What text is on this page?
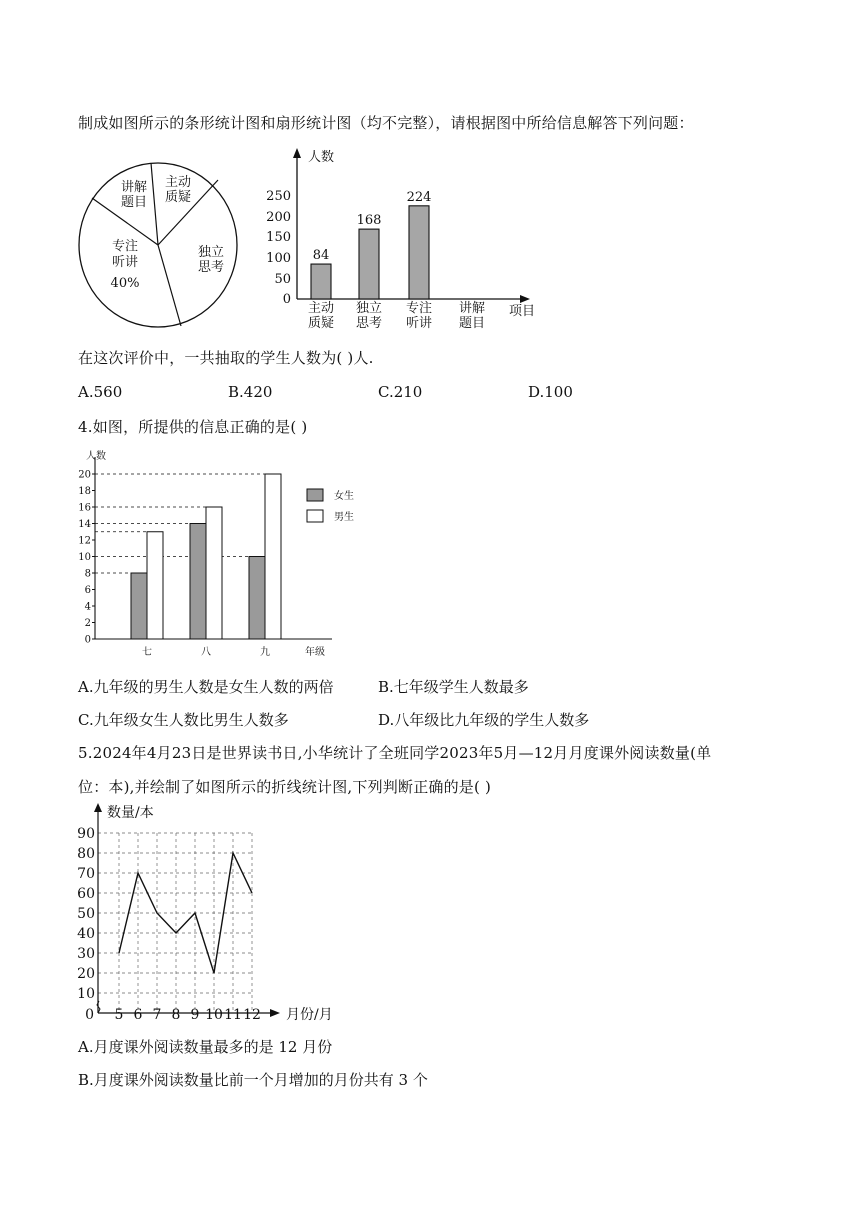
制成如图所示的条形统计图和扇形统计图（均不完整），请根据图中所给信息解答下列问题：
主动
质疑
独立
思考
专注
听讲
40%
讲解
题目
人数
250
200
150
100
50
0
84
168
224
主动
质疑
独立
思考
专注
听讲
讲解
题目
项目
在这次评价中，一共抽取的学生人数为( )人.
A.560	B.420	C.210	D.100
4.如图，所提供的信息正确的是( )
人数
0
2
4
6
8
10
12
14
16
18
20
七	八	九	年级
女生
男生
A.九年级的男生人数是女生人数的两倍	B.七年级学生人数最多
C.九年级女生人数比男生人数多	D.八年级比九年级的学生人数多
5.2024年4月23日是世界读书日,小华统计了全班同学2023年5月—12月月度课外阅读数量(单
位：本),并绘制了如图所示的折线统计图,下列判断正确的是( )
数量/本
10
20
30
40
50
60
70
80
90
0 5 6 7 8 9 10 11 12 月份/月
A.月度课外阅读数量最多的是 12 月份
B.月度课外阅读数量比前一个月增加的月份共有 3 个
